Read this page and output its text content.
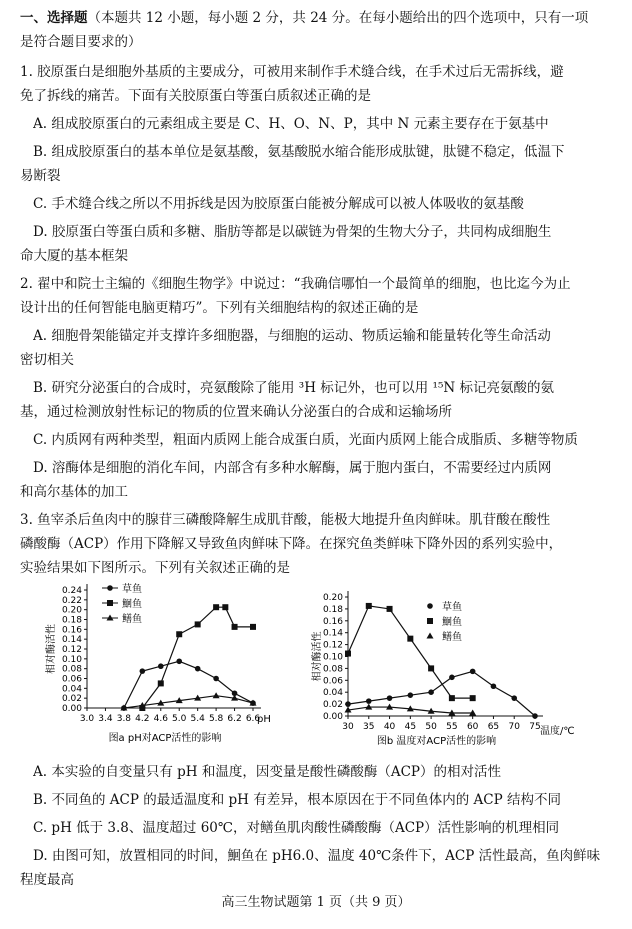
一、选择题（本题共 12 小题，每小题 2 分，共 24 分。在每小题给出的四个选项中，只有一项
是符合题目要求的）
1. 胶原蛋白是细胞外基质的主要成分，可被用来制作手术缝合线，在手术过后无需拆线，避
免了拆线的痛苦。下面有关胶原蛋白等蛋白质叙述正确的是
A. 组成胶原蛋白的元素组成主要是 C、H、O、N、P，其中 N 元素主要存在于氨基中
B. 组成胶原蛋白的基本单位是氨基酸，氨基酸脱水缩合能形成肽键，肽键不稳定，低温下
易断裂
C. 手术缝合线之所以不用拆线是因为胶原蛋白能被分解成可以被人体吸收的氨基酸
D. 胶原蛋白等蛋白质和多糖、脂肪等都是以碳链为骨架的生物大分子，共同构成细胞生
命大厦的基本框架
2. 翟中和院士主编的《细胞生物学》中说过：“我确信哪怕一个最简单的细胞，也比迄今为止
设计出的任何智能电脑更精巧”。下列有关细胞结构的叙述正确的是
A. 细胞骨架能锚定并支撑许多细胞器，与细胞的运动、物质运输和能量转化等生命活动
密切相关
B. 研究分泌蛋白的合成时，亮氨酸除了能用 ³H 标记外，也可以用 ¹⁵N 标记亮氨酸的氨
基，通过检测放射性标记的物质的位置来确认分泌蛋白的合成和运输场所
C. 内质网有两种类型，粗面内质网上能合成蛋白质，光面内质网上能合成脂质、多糖等物质
D. 溶酶体是细胞的消化车间，内部含有多种水解酶，属于胞内蛋白，不需要经过内质网
和高尔基体的加工
3. 鱼宰杀后鱼肉中的腺苷三磷酸降解生成肌苷酸，能极大地提升鱼肉鲜味。肌苷酸在酸性
磷酸酶（ACP）作用下降解又导致鱼肉鲜味下降。在探究鱼类鲜味下降外因的系列实验中，
实验结果如下图所示。下列有关叙述正确的是
3.0 3.4 3.8 4.2 4.6 5.0 5.4 5.8 6.2 6.6
0.00
0.02
0.04
0.06
0.08
0.10
0.12
0.14
0.16
0.18
0.20
0.22
0.24	草鱼
鮰鱼
鳝鱼
相对酶活性
pH
图a pH对ACP活性的影响
30 35 40 45 50 55 60 65 70 75
0.00
0.02
0.04
0.06
0.08
0.10
0.12
0.14
0.16
0.18
0.20
草鱼
鮰鱼
鳝鱼
相对酶活性
温度/℃
图b 温度对ACP活性的影响
A. 本实验的自变量只有 pH 和温度，因变量是酸性磷酸酶（ACP）的相对活性
B. 不同鱼的 ACP 的最适温度和 pH 有差异，根本原因在于不同鱼体内的 ACP 结构不同
C. pH 低于 3.8、温度超过 60℃，对鳝鱼肌肉酸性磷酸酶（ACP）活性影响的机理相同
D. 由图可知，放置相同的时间，鮰鱼在 pH6.0、温度 40℃条件下，ACP 活性最高，鱼肉鲜味
程度最高
高三生物试题第 1 页（共 9 页）
